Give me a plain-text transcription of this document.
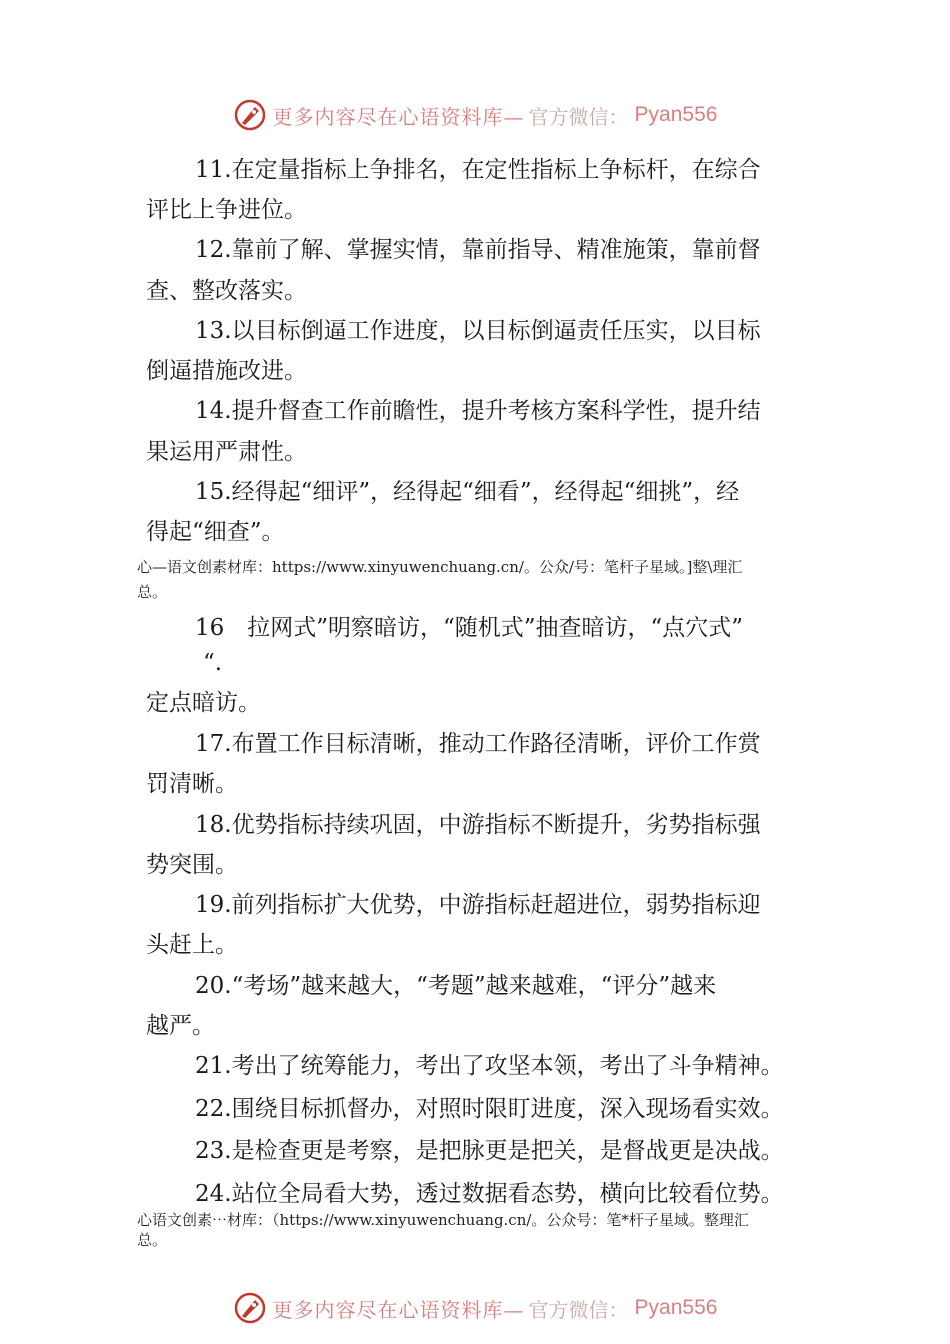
更多内容尽在心语资料库— 官方微信： Pyan556
11.在定量指标上争排名，在定性指标上争标杆，在综合
评比上争进位。
12.靠前了解、掌握实情，靠前指导、精准施策，靠前督
查、整改落实。
13.以目标倒逼工作进度，以目标倒逼责任压实，以目标
倒逼措施改进。
14.提升督查工作前瞻性，提升考核方案科学性，提升结
果运用严肃性。
15.经得起“细评”，经得起“细看”，经得起“细挑”，经
得起“细查”。
心—语文创素材库：https://www.xinyuwenchuang.cn/。公众/号：笔杆子星域。]整\理汇
总。
16　拉网式”明察暗访，“随机式”抽查暗访，“点穴式”
“.
定点暗访。
17.布置工作目标清晰，推动工作路径清晰，评价工作赏
罚清晰。
18.优势指标持续巩固，中游指标不断提升，劣势指标强
势突围。
19.前列指标扩大优势，中游指标赶超进位，弱势指标迎
头赶上。
20.“考场”越来越大，“考题”越来越难，“评分”越来
越严。
21.考出了统筹能力，考出了攻坚本领，考出了斗争精神。
22.围绕目标抓督办，对照时限盯进度，深入现场看实效。
23.是检查更是考察，是把脉更是把关，是督战更是决战。
24.站位全局看大势，透过数据看态势，横向比较看位势。
心语文创素⋯材库：（https://www.xinyuwenchuang.cn/。公众号：笔*杆子星域。整理汇
总。
更多内容尽在心语资料库— 官方微信： Pyan556
